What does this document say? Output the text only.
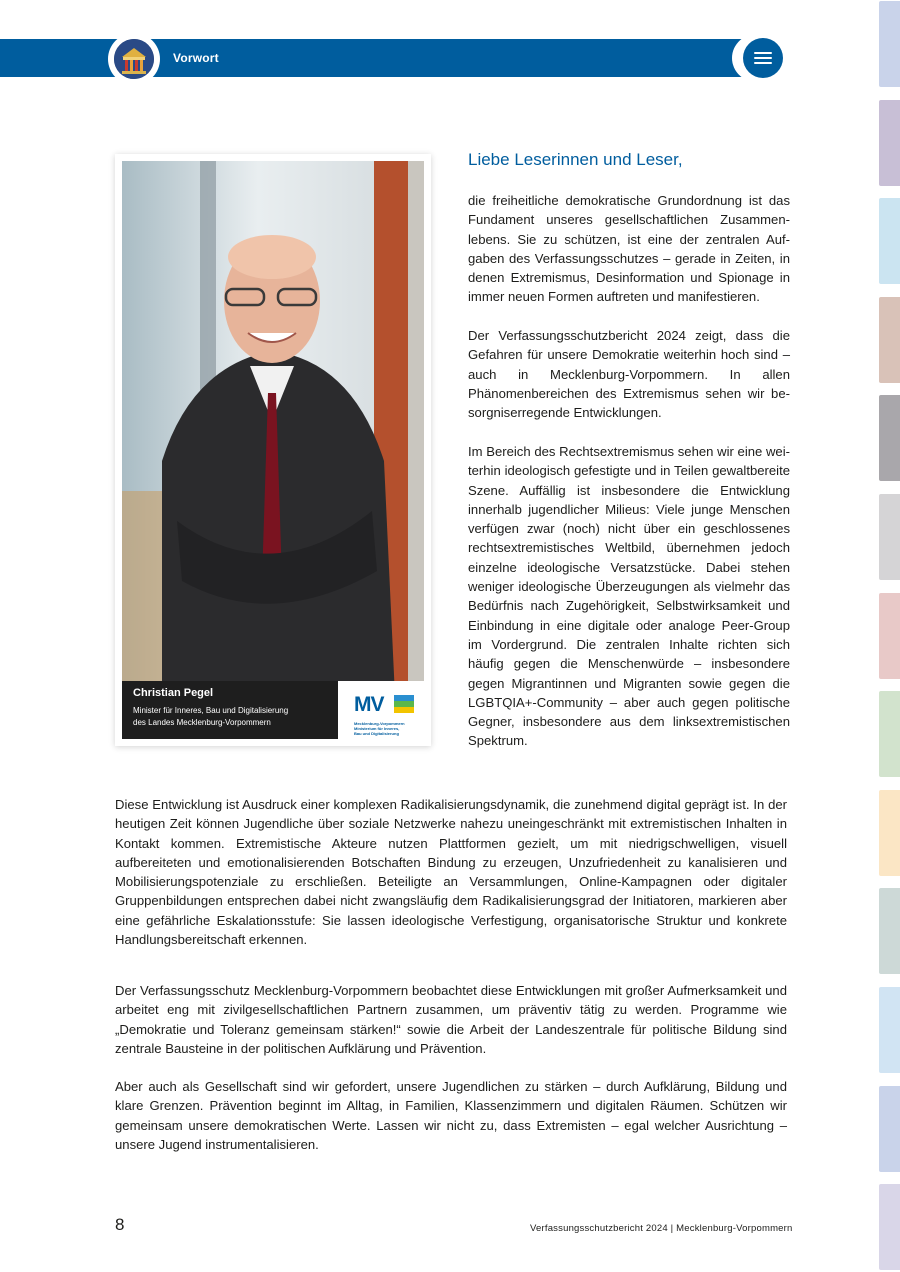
Vorwort
Christian Pegel
Minister für Inneres, Bau und Digitalisierung
des Landes Mecklenburg-Vorpommern
MV
Mecklenburg-Vorpommern
Ministerium für Inneres,
Bau und Digitalisierung
Liebe Leserinnen und Leser,
die freiheitliche demokratische Grundordnung ist das Fundament unseres gesellschaftlichen Zusammenlebens. Sie zu schützen, ist eine der zentralen Aufgaben des Verfassungsschutzes – gerade in Zeiten, in denen Extremismus, Desinformation und Spionage in immer neuen Formen auftreten und manifestieren.
Der Verfassungsschutzbericht 2024 zeigt, dass die Gefahren für unsere Demokratie weiterhin hoch sind – auch in Mecklenburg-Vorpommern. In allen Phänomenbereichen des Extremismus sehen wir besorgniserregende Entwicklungen.
Im Bereich des Rechtsextremismus sehen wir eine weiterhin ideologisch gefestigte und in Teilen gewaltbereite Szene. Auffällig ist insbesondere die Entwicklung innerhalb jugendlicher Milieus: Viele junge Menschen verfügen zwar (noch) nicht über ein geschlossenes rechtsextremistisches Weltbild, übernehmen jedoch einzelne ideologische Versatzstücke. Dabei stehen weniger ideologische Überzeugungen als vielmehr das Bedürfnis nach Zugehörigkeit, Selbstwirksamkeit und Einbindung in eine digitale oder analoge Peer-Group im Vordergrund. Die zentralen Inhalte richten sich häufig gegen die Menschenwürde – insbesondere gegen Migrantinnen und Migranten sowie gegen die LGBTQIA+-Community – aber auch gegen politische Gegner, insbesondere aus dem linksextremistischen Spektrum.
Diese Entwicklung ist Ausdruck einer komplexen Radikalisierungsdynamik, die zunehmend digital geprägt ist. In der heutigen Zeit können Jugendliche über soziale Netzwerke nahezu uneingeschränkt mit extremistischen Inhalten in Kontakt kommen. Extremistische Akteure nutzen Plattformen gezielt, um mit niedrigschwelligen, visuell aufbereiteten und emotionalisierenden Botschaften Bindung zu erzeugen, Unzufriedenheit zu kanalisieren und Mobilisierungspotenziale zu erschließen. Beteiligte an Versammlungen, Online-Kampagnen oder digitaler Gruppenbildungen entsprechen dabei nicht zwangsläufig dem Radikalisierungsgrad der Initiatoren, markieren aber eine gefährliche Eskalationsstufe: Sie lassen ideologische Verfestigung, organisatorische Struktur und konkrete Handlungsbereitschaft erkennen.
Der Verfassungsschutz Mecklenburg-Vorpommern beobachtet diese Entwicklungen mit großer Aufmerksamkeit und arbeitet eng mit zivilgesellschaftlichen Partnern zusammen, um präventiv tätig zu werden. Programme wie „Demokratie und Toleranz gemeinsam stärken!“ sowie die Arbeit der Landeszentrale für politische Bildung sind zentrale Bausteine in der politischen Aufklärung und Prävention.
Aber auch als Gesellschaft sind wir gefordert, unsere Jugendlichen zu stärken – durch Aufklärung, Bildung und klare Grenzen. Prävention beginnt im Alltag, in Familien, Klassenzimmern und digitalen Räumen. Schützen wir gemeinsam unsere demokratischen Werte. Lassen wir nicht zu, dass Extremisten – egal welcher Ausrichtung – unsere Jugend instrumentalisieren.
8	Verfassungsschutzbericht 2024 | Mecklenburg-Vorpommern
